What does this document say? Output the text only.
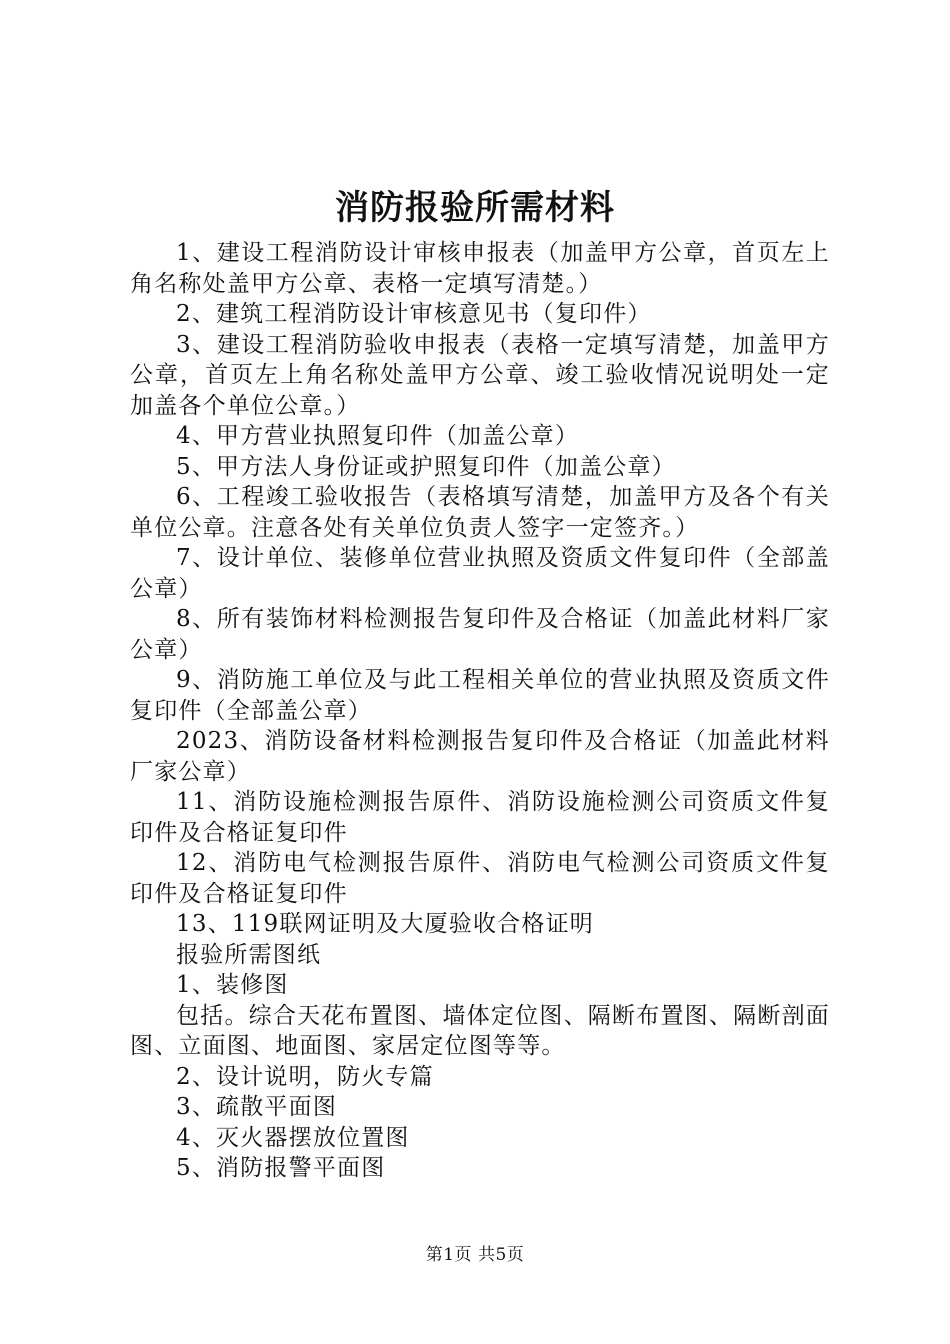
消防报验所需材料

1、建设工程消防设计审核申报表（加盖甲方公章，首页左上角名称处盖甲方公章、表格一定填写清楚。）

2、建筑工程消防设计审核意见书（复印件）

3、建设工程消防验收申报表（表格一定填写清楚，加盖甲方公章，首页左上角名称处盖甲方公章、竣工验收情况说明处一定加盖各个单位公章。）

4、甲方营业执照复印件（加盖公章）

5、甲方法人身份证或护照复印件（加盖公章）

6、工程竣工验收报告（表格填写清楚，加盖甲方及各个有关单位公章。注意各处有关单位负责人签字一定签齐。）

7、设计单位、装修单位营业执照及资质文件复印件（全部盖公章）

8、所有装饰材料检测报告复印件及合格证（加盖此材料厂家公章）

9、消防施工单位及与此工程相关单位的营业执照及资质文件复印件（全部盖公章）

2023、消防设备材料检测报告复印件及合格证（加盖此材料厂家公章）

11、消防设施检测报告原件、消防设施检测公司资质文件复印件及合格证复印件

12、消防电气检测报告原件、消防电气检测公司资质文件复印件及合格证复印件

13、119联网证明及大厦验收合格证明

报验所需图纸

1、装修图

包括。综合天花布置图、墙体定位图、隔断布置图、隔断剖面图、立面图、地面图、家居定位图等等。

2、设计说明，防火专篇

3、疏散平面图

4、灭火器摆放位置图

5、消防报警平面图

第1页 共5页
